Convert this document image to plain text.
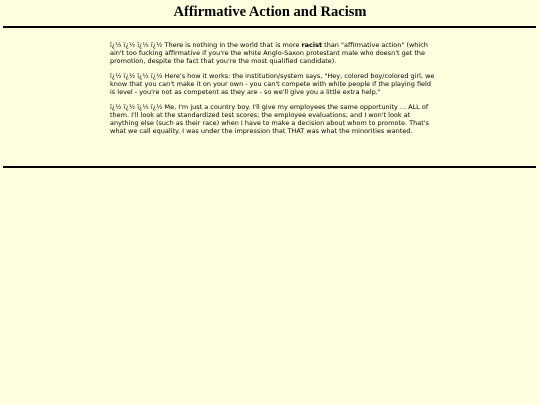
Affirmative Action and Racism

ï¿½ ï¿½ ï¿½ ï¿½ There is nothing in the world that is more racist than "affirmative action" (which ain't too fucking affirmative if you're the white Anglo-Saxon protestant male who doesn't get the promotion, despite the fact that you're the most qualified candidate).

ï¿½ ï¿½ ï¿½ ï¿½ Here's how it works: the institution/system says, "Hey, colored boy/colored girl, we know that you can't make it on your own - you can't compete with white people if the playing field is level - you're not as competent as they are - so we'll give you a little extra help."

ï¿½ ï¿½ ï¿½ ï¿½ Me, I'm just a country boy. I'll give my employees the same opportunity ... ALL of them. I'll look at the standardized test scores; the employee evaluations; and I won't look at anything else (such as their race) when I have to make a decision about whom to promote. That's what we call equality. I was under the impression that THAT was what the minorities wanted.
